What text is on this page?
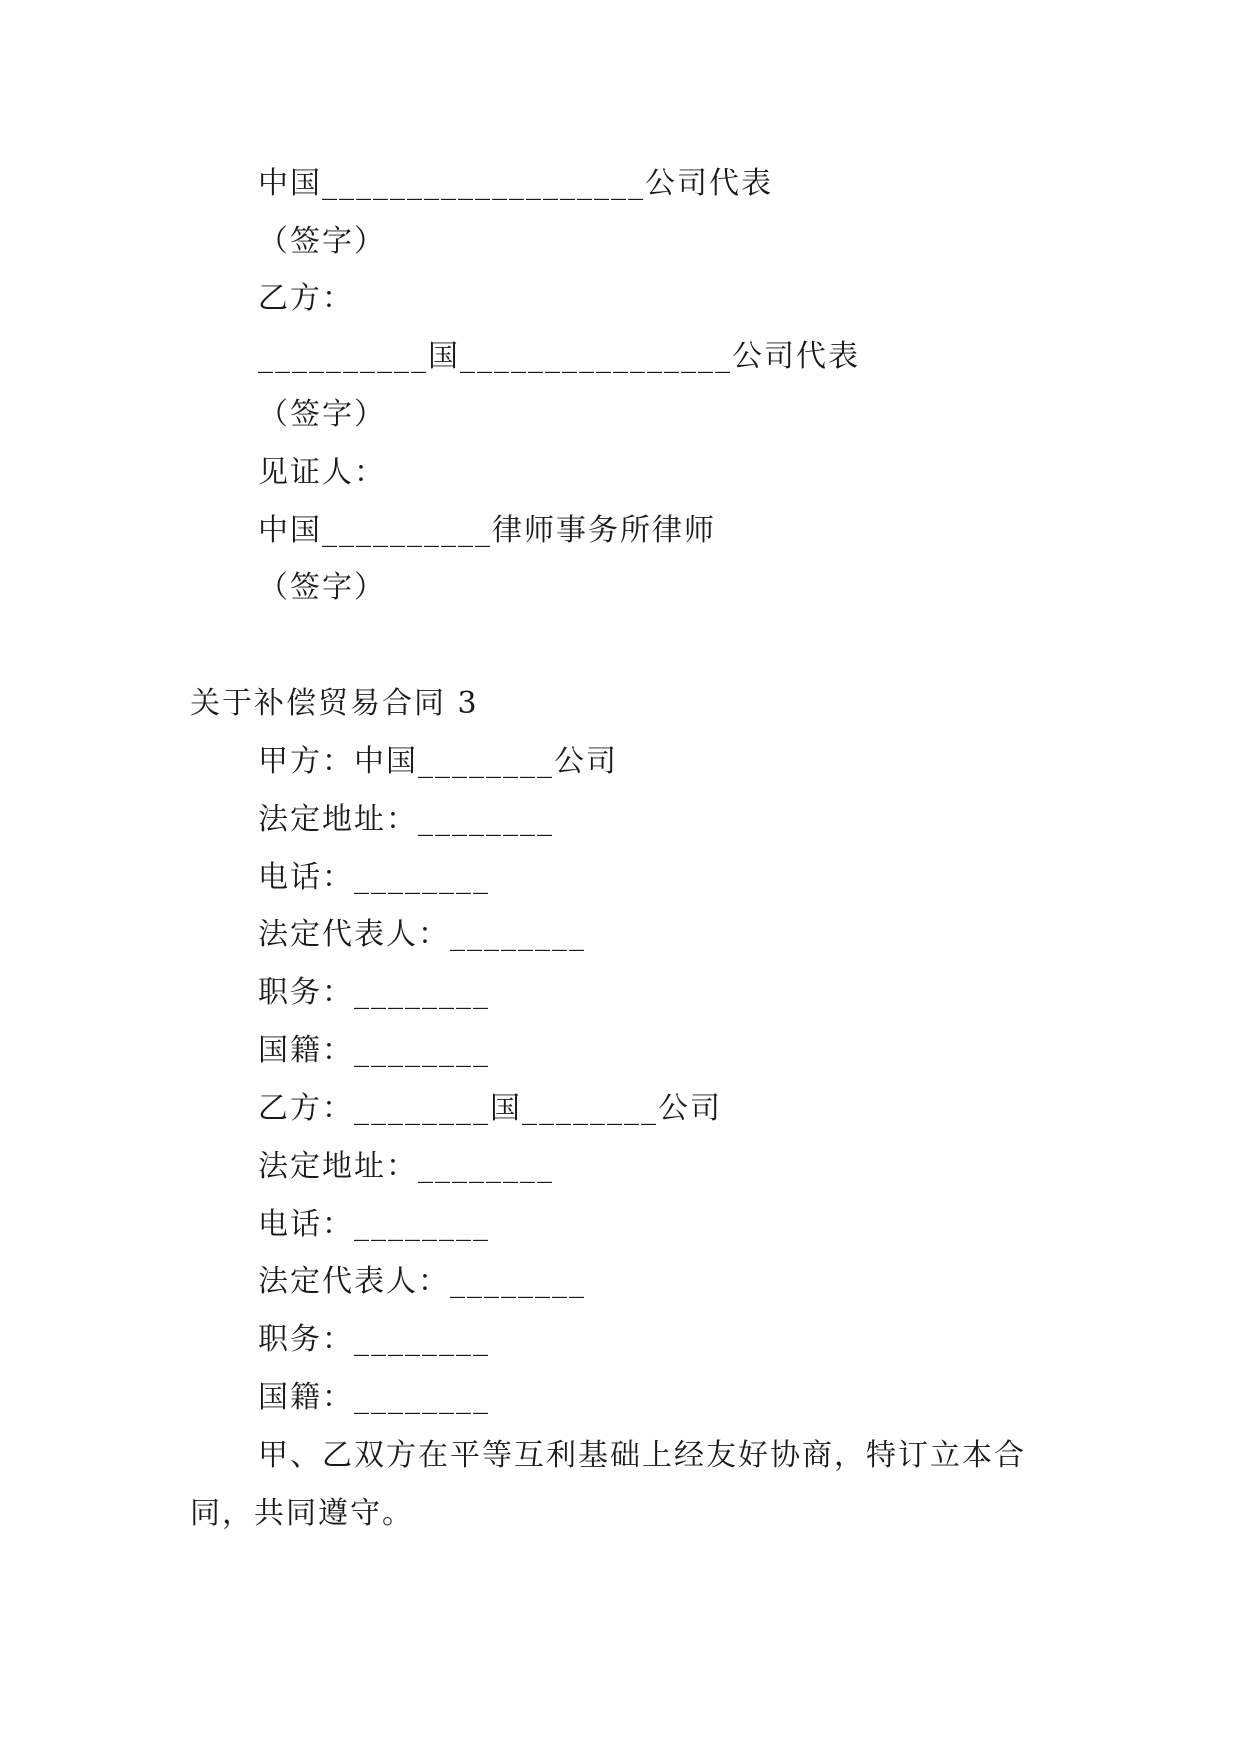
中国___________________公司代表
（签字）
乙方：
__________国________________公司代表
（签字）
见证人：
中国__________律师事务所律师
（签字）
关于补偿贸易合同 3
甲方：中国________公司
法定地址：________
电话：________
法定代表人：________
职务：________
国籍：________
乙方：________国________公司
法定地址：________
电话：________
法定代表人：________
职务：________
国籍：________
甲、乙双方在平等互利基础上经友好协商，特订立本合
同，共同遵守。
